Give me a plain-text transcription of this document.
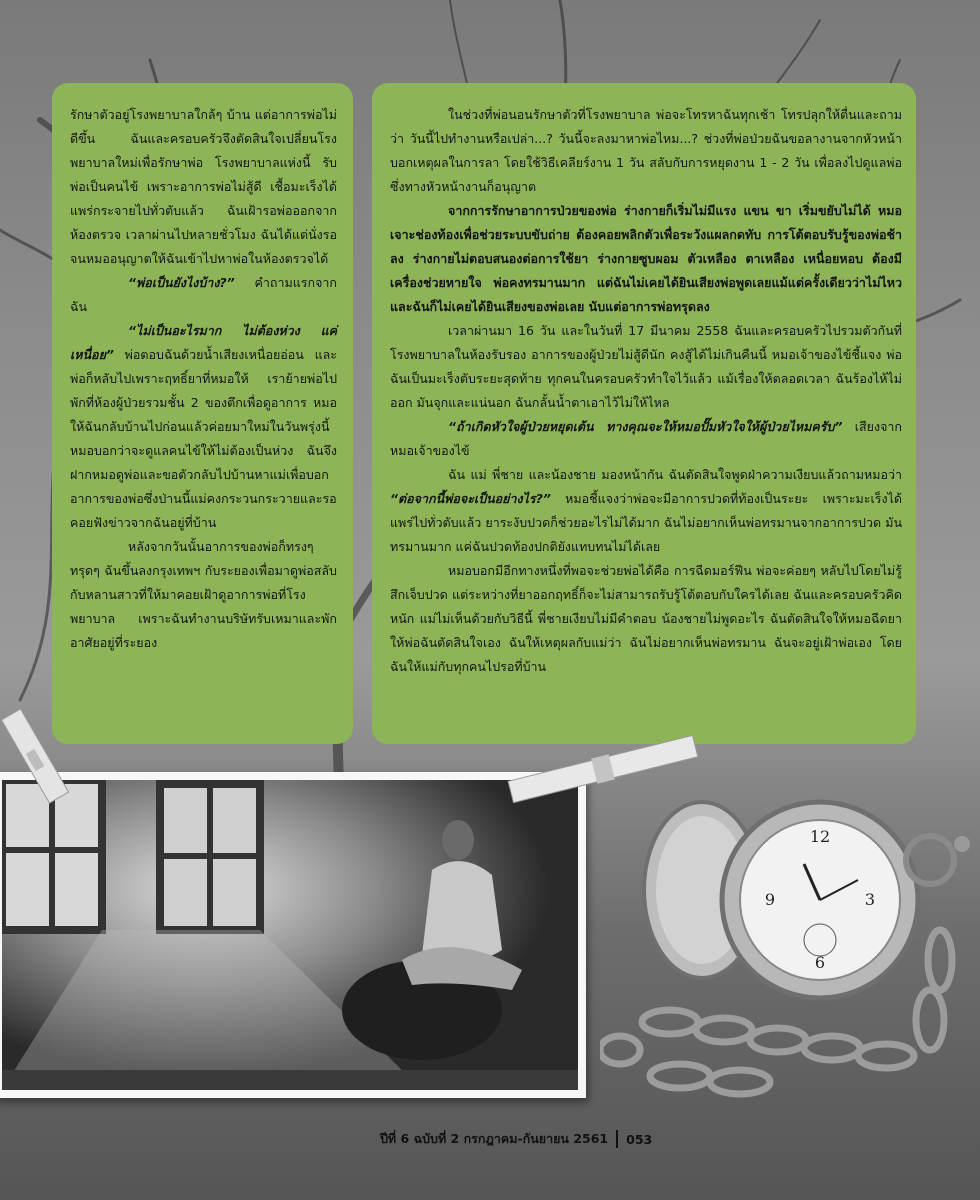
รักษาตัวอยู่โรงพยาบาลใกล้ๆ บ้าน แต่อาการพ่อไม่ดีขึ้น ฉันและครอบครัวจึงตัดสินใจเปลี่ยนโรงพยาบาลใหม่เพื่อรักษาพ่อ โรงพยาบาลแห่งนี้ รับพ่อเป็นคนไข้ เพราะอาการพ่อไม่สู้ดี เชื้อมะเร็งได้แพร่กระจายไปทั่วตับแล้ว ฉันเฝ้ารอพ่อออกจากห้องตรวจ เวลาผ่านไปหลายชั่วโมง ฉันได้แต่นั่งรอ จนหมออนุญาตให้ฉันเข้าไปหาพ่อในห้องตรวจได้

“พ่อเป็นยังไงบ้าง?” คำถามแรกจากฉัน

“ไม่เป็นอะไรมาก ไม่ต้องห่วง แค่เหนื่อย” พ่อตอบฉันด้วยน้ำเสียงเหนื่อยอ่อน และพ่อก็หลับไปเพราะฤทธิ์ยาที่หมอให้ เราย้ายพ่อไปพักที่ห้องผู้ป่วยรวมชั้น 2 ของตึกเพื่อดูอาการ หมอให้ฉันกลับบ้านไปก่อนแล้วค่อยมาใหม่ในวันพรุ่งนี้ หมอบอกว่าจะดูแลคนไข้ให้ไม่ต้องเป็นห่วง ฉันจึงฝากหมอดูพ่อและขอตัวกลับไปบ้านหาแม่เพื่อบอกอาการของพ่อซึ่งป่านนี้แม่คงกระวนกระวายและรอคอยฟังข่าวจากฉันอยู่ที่บ้าน

หลังจากวันนั้นอาการของพ่อก็ทรงๆ ทรุดๆ ฉันขึ้นลงกรุงเทพฯ กับระยองเพื่อมาดูพ่อสลับกับหลานสาวที่ให้มาคอยเฝ้าดูอาการพ่อที่โรงพยาบาล เพราะฉันทำงานบริษัทรับเหมาและพักอาศัยอยู่ที่ระยอง

ในช่วงที่พ่อนอนรักษาตัวที่โรงพยาบาล พ่อจะโทรหาฉันทุกเช้า โทรปลุกให้ตื่นและถามว่า วันนี้ไปทำงานหรือเปล่า...? วันนี้จะลงมาหาพ่อไหม...? ช่วงที่พ่อป่วยฉันขอลางานจากหัวหน้า บอกเหตุผลในการลา โดยใช้วิธีเคลียร์งาน 1 วัน สลับกับการหยุดงาน 1 - 2 วัน เพื่อลงไปดูแลพ่อ ซึ่งทางหัวหน้างานก็อนุญาต

จากการรักษาอาการป่วยของพ่อ ร่างกายก็เริ่มไม่มีแรง แขน ขา เริ่มขยับไม่ได้ หมอเจาะช่องท้องเพื่อช่วยระบบขับถ่าย ต้องคอยพลิกตัวเพื่อระวังแผลกดทับ การโต้ตอบรับรู้ของพ่อช้าลง ร่างกายไม่ตอบสนองต่อการใช้ยา ร่างกายซูบผอม ตัวเหลือง ตาเหลือง เหนื่อยหอบ ต้องมีเครื่องช่วยหายใจ พ่อคงทรมานมาก แต่ฉันไม่เคยได้ยินเสียงพ่อพูดเลยแม้แต่ครั้งเดียวว่าไม่ไหว และฉันก็ไม่เคยได้ยินเสียงของพ่อเลย นับแต่อาการพ่อทรุดลง

เวลาผ่านมา 16 วัน และในวันที่ 17 มีนาคม 2558 ฉันและครอบครัวไปรวมตัวกันที่โรงพยาบาลในห้องรับรอง อาการของผู้ป่วยไม่สู้ดีนัก คงสู้ได้ไม่เกินคืนนี้ หมอเจ้าของไข้ชี้แจง พ่อฉันเป็นมะเร็งตับระยะสุดท้าย ทุกคนในครอบครัวทำใจไว้แล้ว แม้เรื่องให้ตลอดเวลา ฉันร้องไห้ไม่ออก มันจุกและแน่นอก ฉันกลั้นน้ำตาเอาไว้ไม่ให้ไหล

“ถ้าเกิดหัวใจผู้ป่วยหยุดเต้น ทางคุณจะให้หมอปั๊มหัวใจให้ผู้ป่วยไหมครับ” เสียงจากหมอเจ้าของไข้

ฉัน แม่ พี่ชาย และน้องชาย มองหน้ากัน ฉันตัดสินใจพูดฝ่าความเงียบแล้วถามหมอว่า “ต่อจากนี้พ่อจะเป็นอย่างไร?” หมอชี้แจงว่าพ่อจะมีอาการปวดที่ท้องเป็นระยะ เพราะมะเร็งได้แพร่ไปทั่วตับแล้ว ยาระงับปวดก็ช่วยอะไรไม่ได้มาก ฉันไม่อยากเห็นพ่อทรมานจากอาการปวด มันทรมานมาก แค่ฉันปวดท้องปกติยังแทบทนไม่ได้เลย

หมอบอกมีอีกทางหนึ่งที่พอจะช่วยพ่อได้คือ การฉีดมอร์ฟีน พ่อจะค่อยๆ หลับไปโดยไม่รู้สึกเจ็บปวด แต่ระหว่างที่ยาออกฤทธิ์ก็จะไม่สามารถรับรู้โต้ตอบกับใครได้เลย ฉันและครอบครัวคิดหนัก แม่ไม่เห็นด้วยกับวิธีนี้ พี่ชายเงียบไม่มีคำตอบ น้องชายไม่พูดอะไร ฉันตัดสินใจให้หมอฉีดยา ให้พ่อฉันตัดสินใจเอง ฉันให้เหตุผลกับแม่ว่า ฉันไม่อยากเห็นพ่อทรมาน ฉันจะอยู่เฝ้าพ่อเอง โดยฉันให้แม่กับทุกคนไปรอที่บ้าน

12
3
6
9
ปีที่ 6 ฉบับที่ 2 กรกฎาคม-กันยายน 2561 053
